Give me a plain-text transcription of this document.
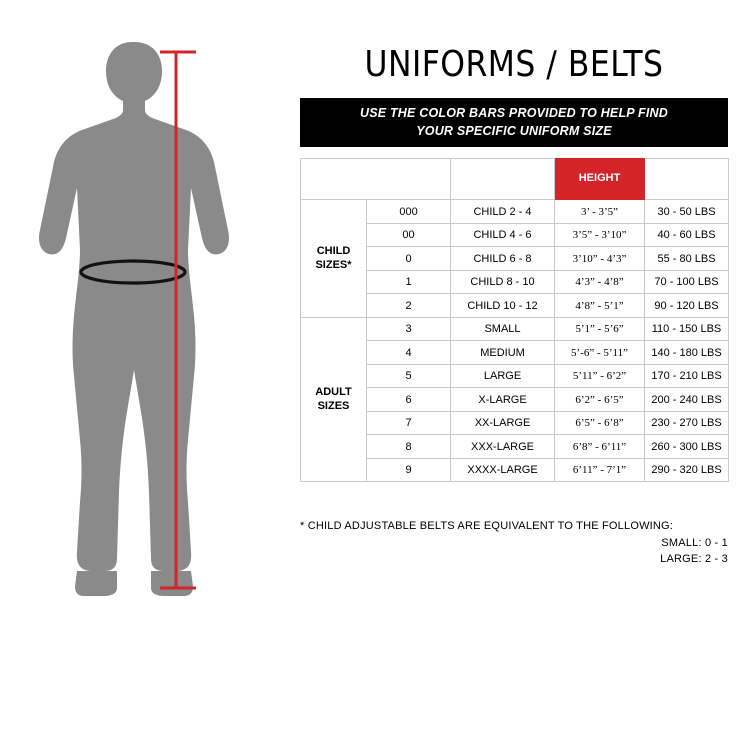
UNIFORMS / BELTS
USE THE COLOR BARS PROVIDED TO HELP FIND
YOUR SPECIFIC UNIFORM SIZE
TRADITIONAL
UNIFORM
AND BELT SIZE

CLOTHING
SIZE

HEIGHT

APPROX.
WEIGHT

CHILD
SIZES*	000	CHILD 2 - 4	3’ - 3’5”	30 - 50 LBS
	00	CHILD 4 - 6	3’5” - 3’10”	40 - 60 LBS
	0	CHILD 6 - 8	3’10” - 4’3”	55 - 80 LBS
	1	CHILD 8 - 10	4’3” - 4’8”	70 - 100 LBS
	2	CHILD 10 - 12	4’8” - 5’1”	90 - 120 LBS

ADULT
SIZES	3	SMALL	5’1” - 5’6”	110 - 150 LBS
	4	MEDIUM	5’-6” - 5’11”	140 - 180 LBS
	5	LARGE	5’11” - 6’2”	170 - 210 LBS
	6	X-LARGE	6’2” - 6’5”	200 - 240 LBS
	7	XX-LARGE	6’5” - 6’8”	230 - 270 LBS
	8	XXX-LARGE	6’8” - 6’11”	260 - 300 LBS
	9	XXXX-LARGE	6’11” - 7’1”	290 - 320 LBS
* CHILD ADJUSTABLE BELTS ARE EQUIVALENT TO THE FOLLOWING:
SMALL: 0 - 1
LARGE: 2 - 3
